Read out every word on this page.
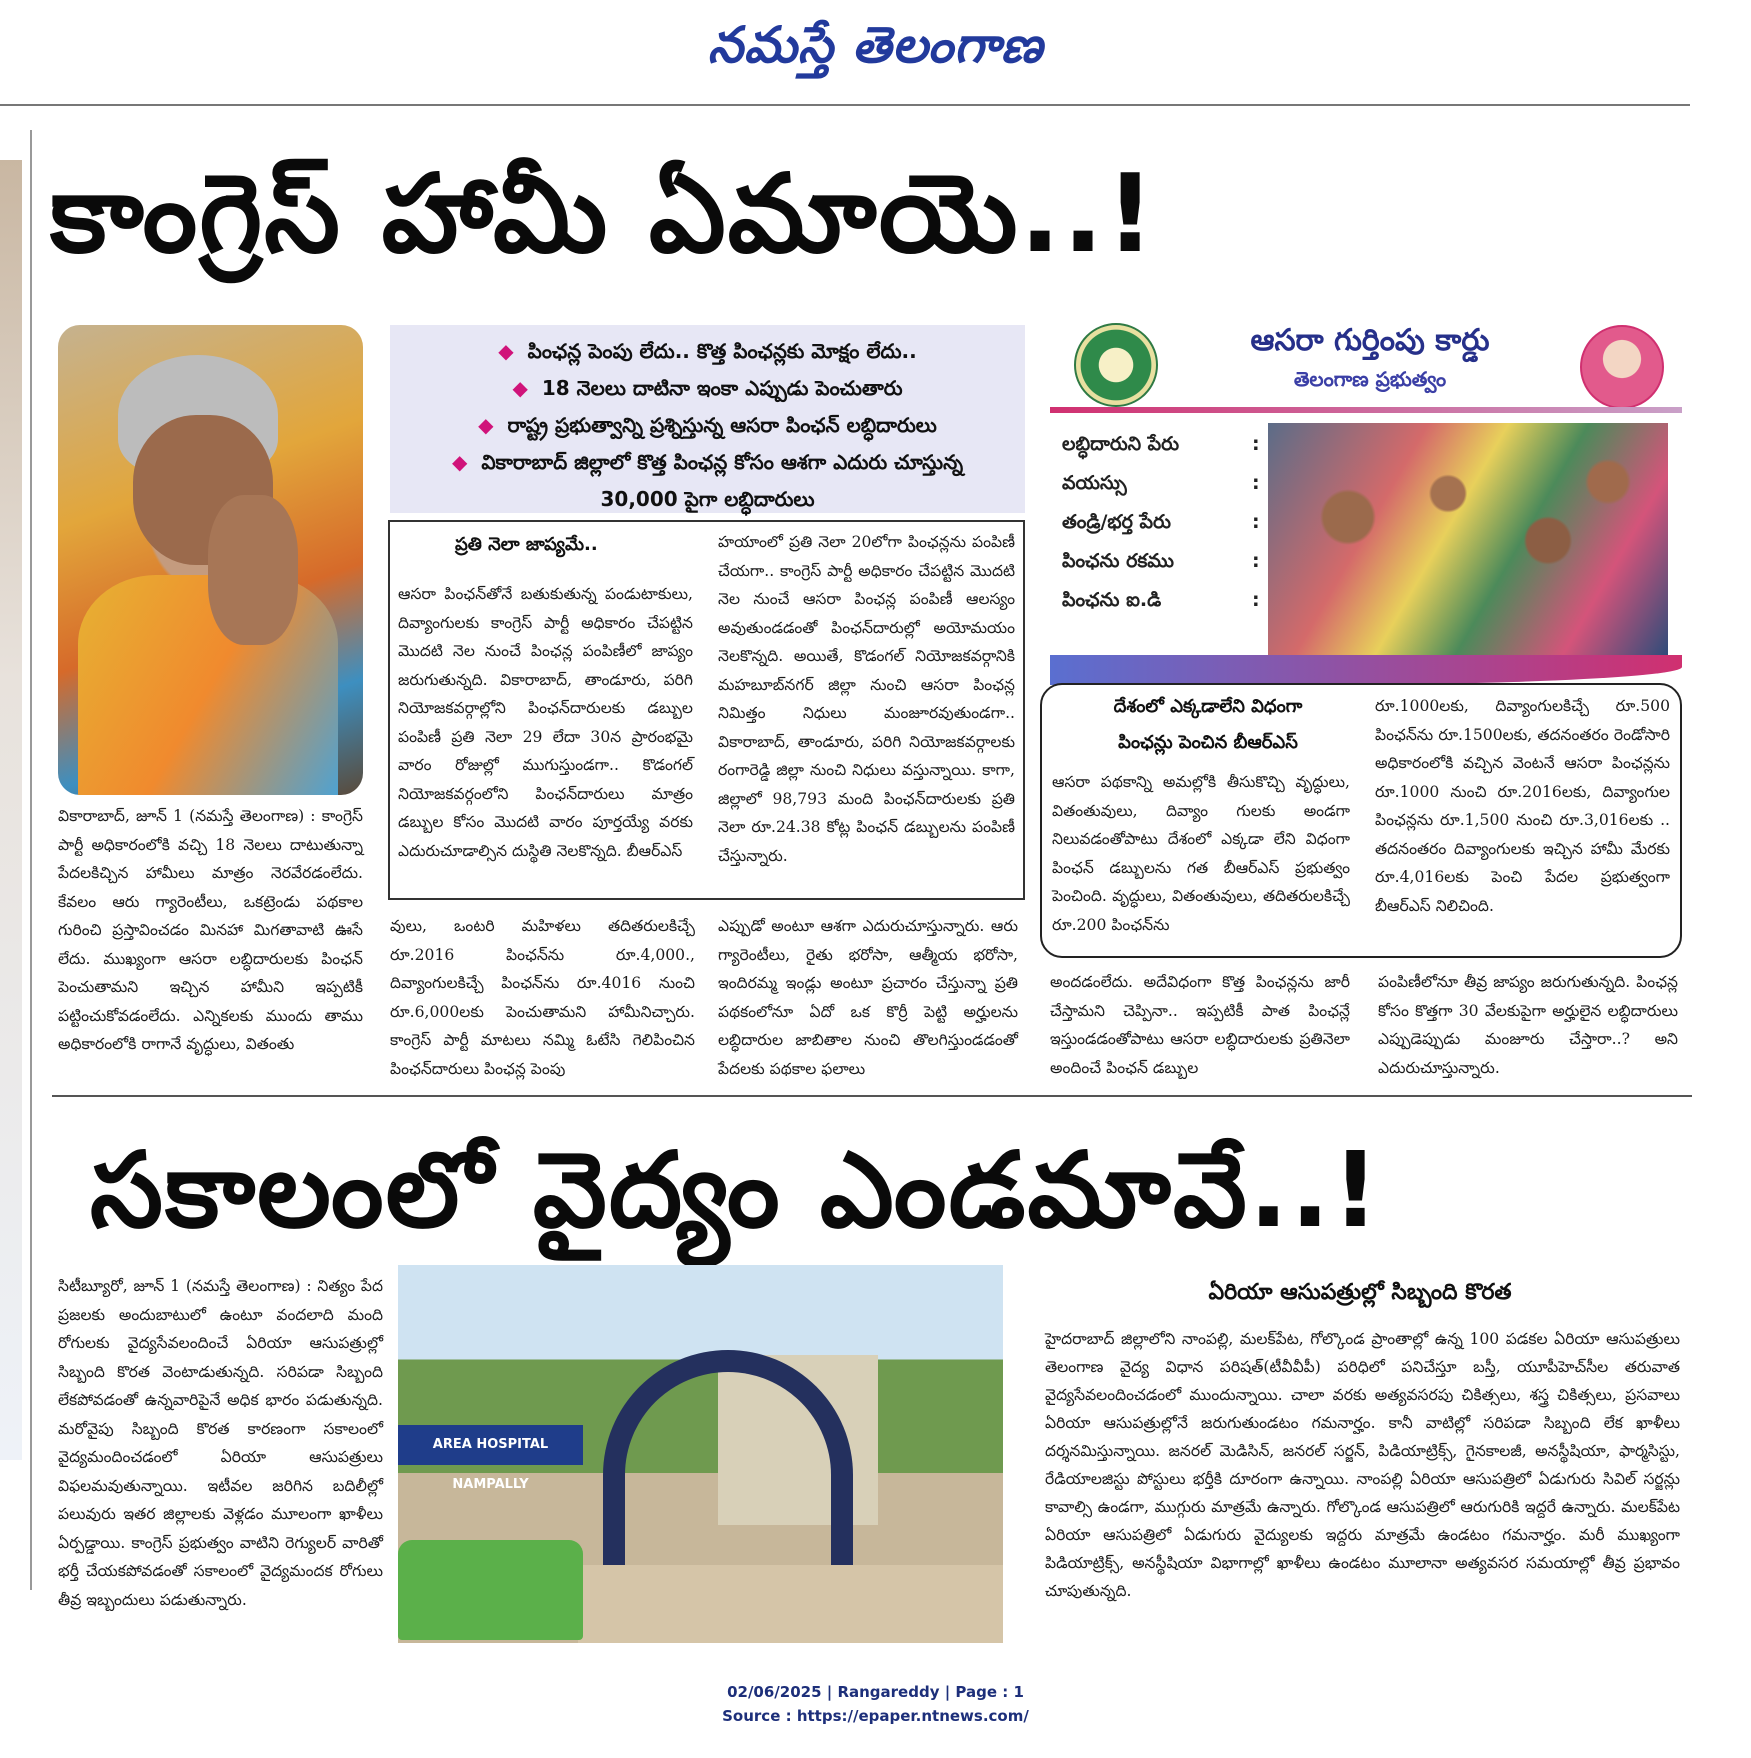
నమస్తే తెలంగాణ
కాంగ్రెస్ హామీ ఏమాయె..!
◆ పింఛన్ల పెంపు లేదు.. కొత్త పింఛన్లకు మోక్షం లేదు..
◆ 18 నెలలు దాటినా ఇంకా ఎప్పుడు పెంచుతారు
◆ రాష్ట్ర ప్రభుత్వాన్ని ప్రశ్నిస్తున్న ఆసరా పింఛన్ లబ్ధిదారులు
◆ వికారాబాద్ జిల్లాలో కొత్త పింఛన్ల కోసం ఆశగా ఎదురు చూస్తున్న
30,000 పైగా లబ్ధిదారులు
ఆసరా గుర్తింపు కార్డు
తెలంగాణ ప్రభుత్వం
లబ్ధిదారుని పేరు :
వయస్సు :
తండ్రి/భర్త పేరు :
పింఛను రకము :
పింఛను ఐ.డి :
వికారాబాద్, జూన్ 1 (నమస్తే తెలంగాణ) : కాంగ్రెస్ పార్టీ అధికారంలోకి వచ్చి 18 నెలలు దాటుతున్నా పేదలకిచ్చిన హామీలు మాత్రం నెరవేరడంలేదు. కేవలం ఆరు గ్యారెంటీలు, ఒకట్రెండు పథకాల గురించి ప్రస్తావించడం మినహా మిగతావాటి ఊసే లేదు. ముఖ్యంగా ఆసరా లబ్ధిదారులకు పింఛన్ పెంచుతామని ఇచ్చిన హామీని ఇప్పటికీ పట్టించుకోవడంలేదు. ఎన్నికలకు ముందు తాము అధికారంలోకి రాగానే వృద్ధులు, వితంతు
ప్రతి నెలా జాప్యమే..
ఆసరా పింఛన్‌తోనే బతుకుతున్న పండుటాకులు, దివ్యాంగులకు కాంగ్రెస్ పార్టీ అధికారం చేపట్టిన మొదటి నెల నుంచే పింఛన్ల పంపిణీలో జాప్యం జరుగుతున్నది. వికారాబాద్, తాండూరు, పరిగి నియోజకవర్గాల్లోని పింఛన్‌దారులకు డబ్బుల పంపిణీ ప్రతి నెలా 29 లేదా 30న ప్రారంభమై వారం రోజుల్లో ముగుస్తుండగా.. కొడంగల్ నియోజకవర్గంలోని పింఛన్‌దారులు మాత్రం డబ్బుల కోసం మొదటి వారం పూర్తయ్యే వరకు ఎదురుచూడాల్సిన దుస్థితి నెలకొన్నది. బీఆర్‌ఎస్
హయాంలో ప్రతి నెలా 20లోగా పింఛన్లను పంపిణీ చేయగా.. కాంగ్రెస్ పార్టీ అధికారం చేపట్టిన మొదటి నెల నుంచే ఆసరా పింఛన్ల పంపిణీ ఆలస్యం అవుతుండడంతో పింఛన్‌దారుల్లో అయోమయం నెలకొన్నది. అయితే, కొడంగల్ నియోజకవర్గానికి మహబూబ్‌నగర్ జిల్లా నుంచి ఆసరా పింఛన్ల నిమిత్తం నిధులు మంజూరవుతుండగా.. వికారాబాద్, తాండూరు, పరిగి నియోజకవర్గాలకు రంగారెడ్డి జిల్లా నుంచి నిధులు వస్తున్నాయి. కాగా, జిల్లాలో 98,793 మంది పింఛన్‌దారులకు ప్రతి నెలా రూ.24.38 కోట్ల పింఛన్ డబ్బులను పంపిణీ చేస్తున్నారు.
వులు, ఒంటరి మహిళలు తదితరులకిచ్చే రూ.2016 పింఛన్‌ను రూ.4,000., దివ్యాంగులకిచ్చే పింఛన్‌ను రూ.4016 నుంచి రూ.6,000లకు పెంచుతామని హామీనిచ్చారు. కాంగ్రెస్ పార్టీ మాటలు నమ్మి ఓటేసి గెలిపించిన పింఛన్‌దారులు పింఛన్ల పెంపు
ఎప్పుడో అంటూ ఆశగా ఎదురుచూస్తున్నారు. ఆరు గ్యారెంటీలు, రైతు భరోసా, ఆత్మీయ భరోసా, ఇందిరమ్మ ఇండ్లు అంటూ ప్రచారం చేస్తున్నా ప్రతి పథకంలోనూ ఏదో ఒక కొర్రీ పెట్టి అర్హులను లబ్ధిదారుల జాబితాల నుంచి తొలగిస్తుండడంతో పేదలకు పథకాల ఫలాలు
దేశంలో ఎక్కడాలేని విధంగా
పింఛన్లు పెంచిన బీఆర్‌ఎస్
ఆసరా పథకాన్ని అమల్లోకి తీసుకొచ్చి వృద్ధులు, వితంతువులు, దివ్యాం గులకు అండగా నిలువడంతోపాటు దేశంలో ఎక్కడా లేని విధంగా పింఛన్ డబ్బులను గత బీఆర్‌ఎస్ ప్రభుత్వం పెంచింది. వృద్ధులు, వితంతువులు, తదితరులకిచ్చే రూ.200 పింఛన్‌ను
రూ.1000లకు, దివ్యాంగులకిచ్చే రూ.500 పింఛన్‌ను రూ.1500లకు, తదనంతరం రెండోసారి అధికారంలోకి వచ్చిన వెంటనే ఆసరా పింఛన్లను రూ.1000 నుంచి రూ.2016లకు, దివ్యాంగుల పింఛన్లను రూ.1,500 నుంచి రూ.3,016లకు .. తదనంతరం దివ్యాంగులకు ఇచ్చిన హామీ మేరకు రూ.4,016లకు పెంచి పేదల ప్రభుత్వంగా బీఆర్‌ఎస్ నిలిచింది.
అందడంలేదు. అదేవిధంగా కొత్త పింఛన్లను జారీ చేస్తామని చెప్పినా.. ఇప్పటికీ పాత పింఛన్లే ఇస్తుండడంతోపాటు ఆసరా లబ్ధిదారులకు ప్రతినెలా అందించే పింఛన్ డబ్బుల
పంపిణీలోనూ తీవ్ర జాప్యం జరుగుతున్నది. పింఛన్ల కోసం కొత్తగా 30 వేలకుపైగా అర్హులైన లబ్ధిదారులు ఎప్పుడెప్పుడు మంజూరు చేస్తారా..? అని ఎదురుచూస్తున్నారు.
సకాలంలో వైద్యం ఎండమావే..!
సిటీబ్యూరో, జూన్ 1 (నమస్తే తెలంగాణ) : నిత్యం పేద ప్రజలకు అందుబాటులో ఉంటూ వందలాది మంది రోగులకు వైద్యసేవలందించే ఏరియా ఆసుపత్రుల్లో సిబ్బంది కొరత వెంటాడుతున్నది. సరిపడా సిబ్బంది లేకపోవడంతో ఉన్నవారిపైనే అధిక భారం పడుతున్నది. మరోవైపు సిబ్బంది కొరత కారణంగా సకాలంలో వైద్యమందించడంలో ఏరియా ఆసుపత్రులు విఫలమవుతున్నాయి. ఇటీవల జరిగిన బదిలీల్లో పలువురు ఇతర జిల్లాలకు వెళ్లడం మూలంగా ఖాళీలు ఏర్పడ్డాయి. కాంగ్రెస్ ప్రభుత్వం వాటిని రెగ్యులర్ వారితో భర్తీ చేయకపోవడంతో సకాలంలో వైద్యమందక రోగులు తీవ్ర ఇబ్బందులు పడుతున్నారు.
AREA HOSPITAL NAMPALLY
ఏరియా ఆసుపత్రుల్లో సిబ్బంది కొరత
హైదరాబాద్ జిల్లాలోని నాంపల్లి, మలక్‌పేట, గోల్కొండ ప్రాంతాల్లో ఉన్న 100 పడకల ఏరియా ఆసుపత్రులు తెలంగాణ వైద్య విధాన పరిషత్(టీవీవీపీ) పరిధిలో పనిచేస్తూ బస్తీ, యూపీహెచ్‌సీల తరువాత వైద్యసేవలందించడంలో ముందున్నాయి. చాలా వరకు అత్యవసరపు చికిత్సలు, శస్త్ర చికిత్సలు, ప్రసవాలు ఏరియా ఆసుపత్రుల్లోనే జరుగుతుండటం గమనార్హం. కానీ వాటిల్లో సరిపడా సిబ్బంది లేక ఖాళీలు దర్శనమిస్తున్నాయి. జనరల్ మెడిసిన్, జనరల్ సర్జన్, పిడియాట్రిక్స్, గైనకాలజీ, అనస్థీషియా, ఫార్మసిస్టు, రేడియాలజిస్టు పోస్టులు భర్తీకి దూరంగా ఉన్నాయి. నాంపల్లి ఏరియా ఆసుపత్రిలో ఏడుగురు సివిల్ సర్జన్లు కావాల్సి ఉండగా, ముగ్గురు మాత్రమే ఉన్నారు. గోల్కొండ ఆసుపత్రిలో ఆరుగురికి ఇద్దరే ఉన్నారు. మలక్‌పేట ఏరియా ఆసుపత్రిలో ఏడుగురు వైద్యులకు ఇద్దరు మాత్రమే ఉండటం గమనార్హం. మరీ ముఖ్యంగా పిడియాట్రిక్స్, అనస్థీషియా విభాగాల్లో ఖాళీలు ఉండటం మూలానా అత్యవసర సమయాల్లో తీవ్ర ప్రభావం చూపుతున్నది.
02/06/2025 | Rangareddy | Page : 1
Source : https://epaper.ntnews.com/
